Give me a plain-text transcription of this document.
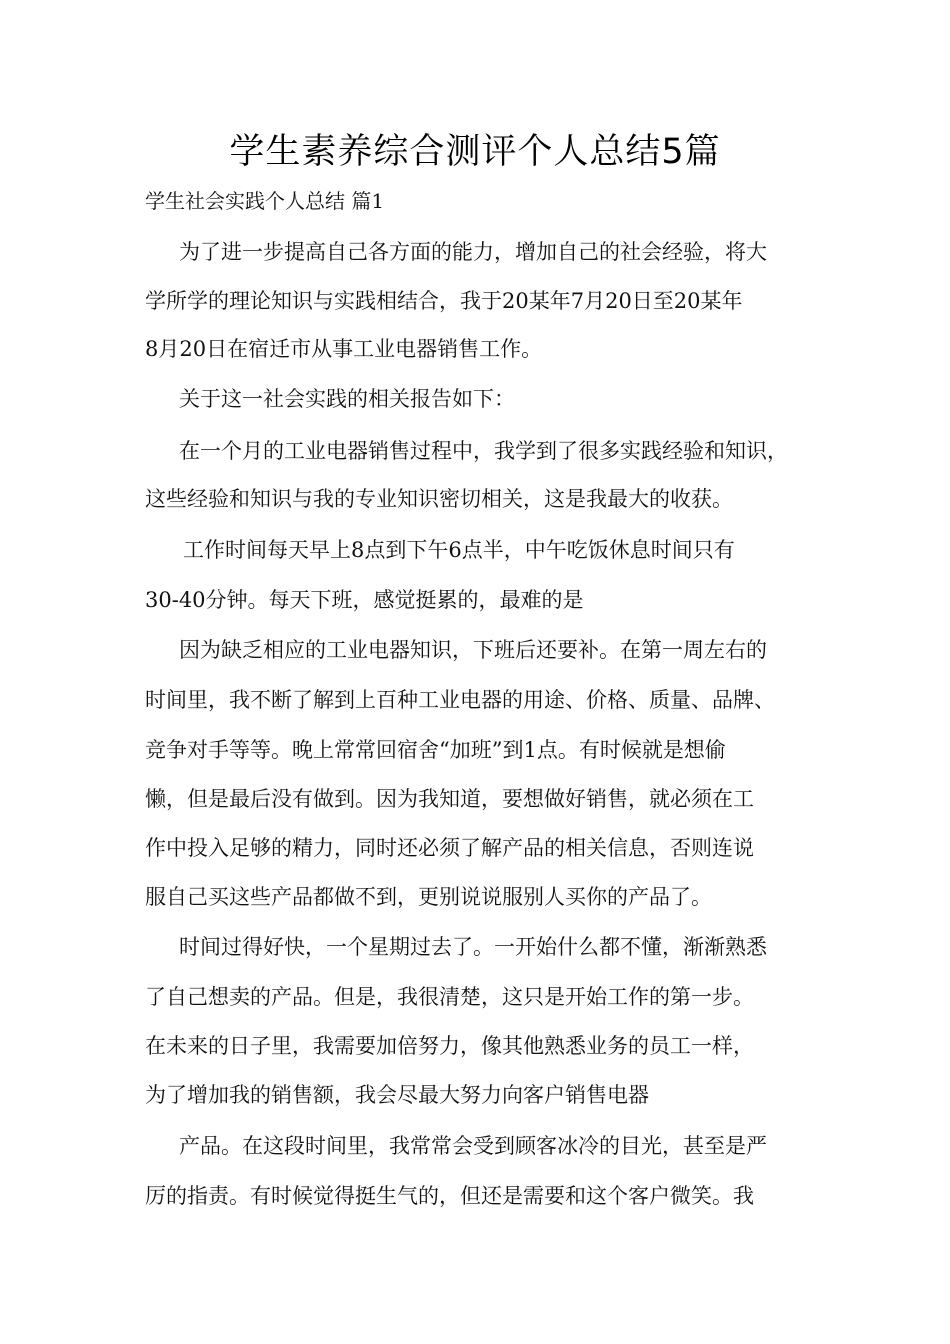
学生素养综合测评个人总结5篇

学生社会实践个人总结 篇1

为了进一步提高自己各方面的能力，增加自己的社会经验，将大

学所学的理论知识与实践相结合，我于20某年7月20日至20某年

8月20日在宿迁市从事工业电器销售工作。

关于这一社会实践的相关报告如下：

在一个月的工业电器销售过程中，我学到了很多实践经验和知识，

这些经验和知识与我的专业知识密切相关，这是我最大的收获。

工作时间每天早上8点到下午6点半，中午吃饭休息时间只有

30-40分钟。每天下班，感觉挺累的，最难的是

因为缺乏相应的工业电器知识，下班后还要补。在第一周左右的

时间里，我不断了解到上百种工业电器的用途、价格、质量、品牌、

竞争对手等等。晚上常常回宿舍“加班”到1点。有时候就是想偷

懒，但是最后没有做到。因为我知道，要想做好销售，就必须在工

作中投入足够的精力，同时还必须了解产品的相关信息，否则连说

服自己买这些产品都做不到，更别说说服别人买你的产品了。

时间过得好快，一个星期过去了。一开始什么都不懂，渐渐熟悉

了自己想卖的产品。但是，我很清楚，这只是开始工作的第一步。

在未来的日子里，我需要加倍努力，像其他熟悉业务的员工一样，

为了增加我的销售额，我会尽最大努力向客户销售电器

产品。在这段时间里，我常常会受到顾客冰冷的目光，甚至是严

厉的指责。有时候觉得挺生气的，但还是需要和这个客户微笑。我
